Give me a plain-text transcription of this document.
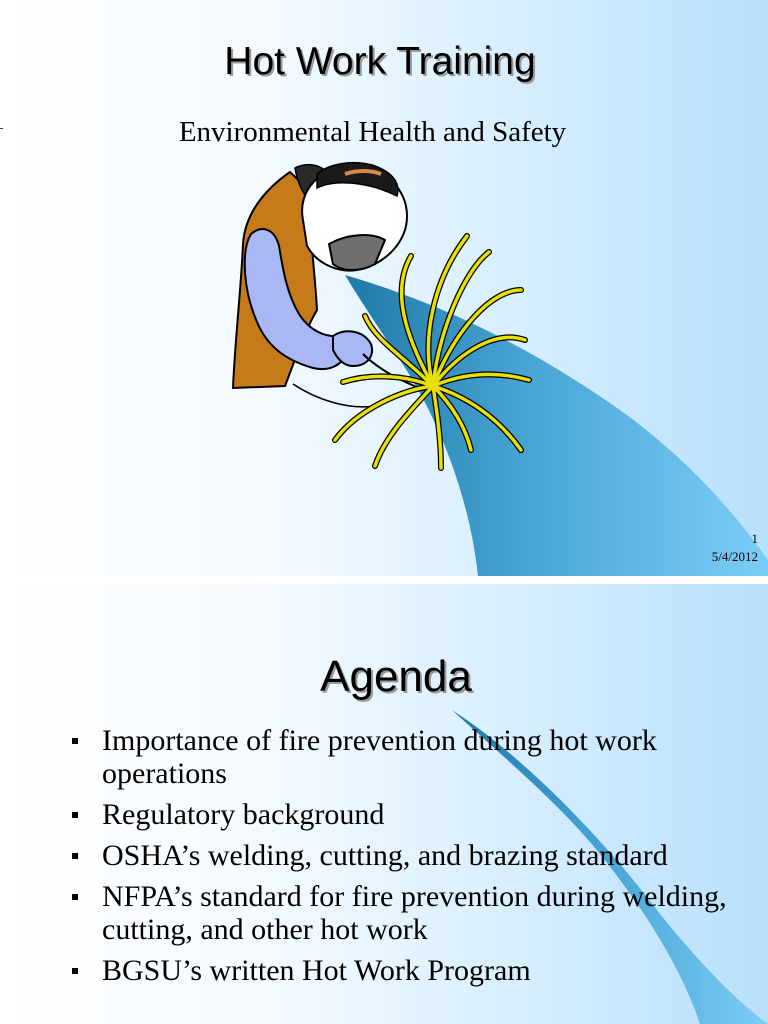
Hot Work Training
Environmental Health and Safety
1
5/4/2012
Agenda
Importance of fire prevention during hot work operations
Regulatory background
OSHA’s welding, cutting, and brazing standard
NFPA’s standard for fire prevention during welding, cutting, and other hot work
BGSU’s written Hot Work Program
